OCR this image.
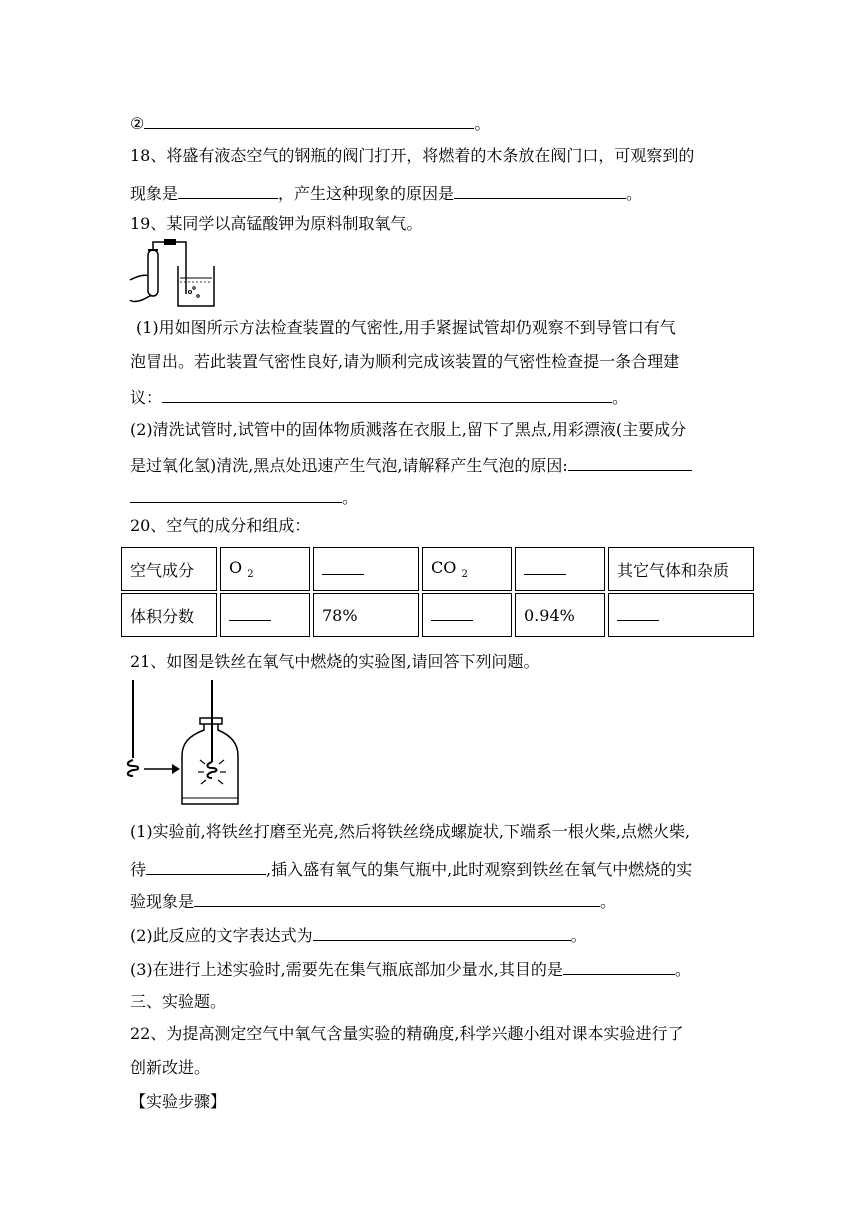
②	。
18、将盛有液态空气的钢瓶的阀门打开，将燃着的木条放在阀门口，可观察到的
现象是	，产生这种现象的原因是	。
19、某同学以高锰酸钾为原料制取氧气。
(1)用如图所示方法检查装置的气密性,用手紧握试管却仍观察不到导管口有气
泡冒出。若此装置气密性良好,请为顺利完成该装置的气密性检查提一条合理建
议：	。
(2)清洗试管时,试管中的固体物质溅落在衣服上,留下了黑点,用彩漂液(主要成分
是过氧化氢)清洗,黑点处迅速产生气泡,请解释产生气泡的原因:
。
20、空气的成分和组成：
空气成分	O $_2$		CO $_2$		其它气体和杂质
体积分数		78%		0.94%	
21、如图是铁丝在氧气中燃烧的实验图,请回答下列问题。
(1)实验前,将铁丝打磨至光亮,然后将铁丝绕成螺旋状,下端系一根火柴,点燃火柴,
待	,插入盛有氧气的集气瓶中,此时观察到铁丝在氧气中燃烧的实
验现象是	。
(2)此反应的文字表达式为	。
(3)在进行上述实验时,需要先在集气瓶底部加少量水,其目的是	。
三、实验题。
22、为提高测定空气中氧气含量实验的精确度,科学兴趣小组对课本实验进行了
创新改进。
【实验步骤】
